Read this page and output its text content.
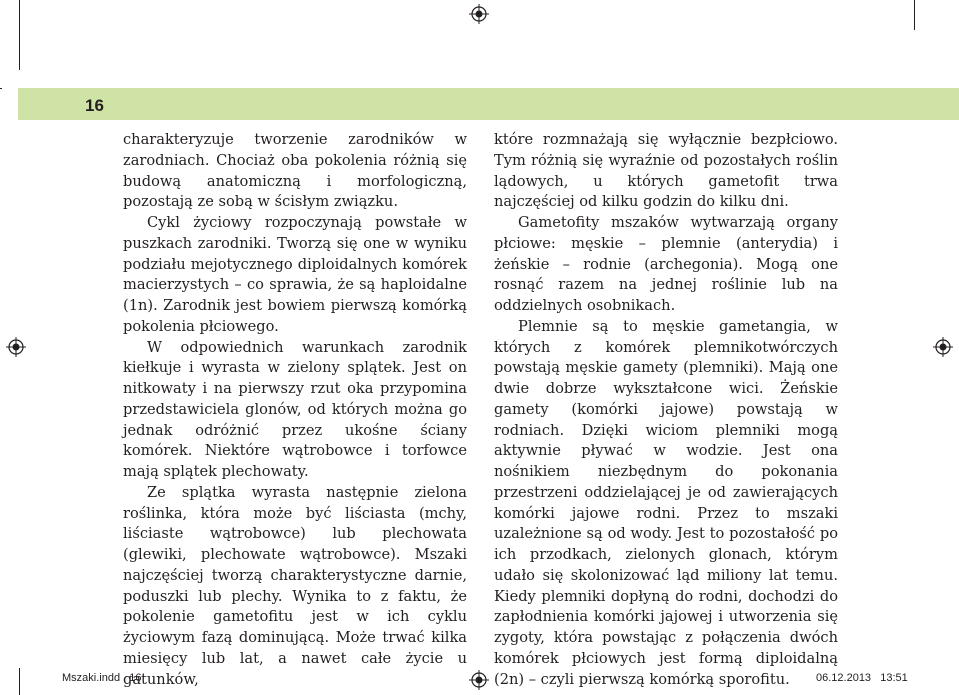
16

charakteryzuje tworzenie zarodników w zarodniach. Chociaż oba pokolenia różnią się budową anatomiczną i morfologiczną, pozostają ze sobą w ścisłym związku.

Cykl życiowy rozpoczynają powstałe w puszkach zarodniki. Tworzą się one w wyniku podziału mejotycznego diploidalnych komórek macierzystych – co sprawia, że są haploidalne (1n). Zarodnik jest bowiem pierwszą komórką pokolenia płciowego.

W odpowiednich warunkach zarodnik kiełkuje i wyrasta w zielony splątek. Jest on nitkowaty i na pierwszy rzut oka przypomina przedstawiciela glonów, od których można go jednak odróżnić przez ukośne ściany komórek. Niektóre wątrobowce i torfowce mają splątek plechowaty.

Ze splątka wyrasta następnie zielona roślinka, która może być liściasta (mchy, liściaste wątrobowce) lub plechowata (glewiki, plechowate wątrobowce). Mszaki najczęściej tworzą charakterystyczne darnie, poduszki lub plechy. Wynika to z faktu, że pokolenie gametofitu jest w ich cyklu życiowym fazą dominującą. Może trwać kilka miesięcy lub lat, a nawet całe życie u gatunków,

które rozmnażają się wyłącznie bezpłciowo. Tym różnią się wyraźnie od pozostałych roślin lądowych, u których gametofit trwa najczęściej od kilku godzin do kilku dni.

Gametofity mszaków wytwarzają organy płciowe: męskie – plemnie (anterydia) i żeńskie – rodnie (archegonia). Mogą one rosnąć razem na jednej roślinie lub na oddzielnych osobnikach.

Plemnie są to męskie gametangia, w których z komórek plemnikotwórczych powstają męskie gamety (plemniki). Mają one dwie dobrze wykształcone wici. Żeńskie gamety (komórki jajowe) powstają w rodniach. Dzięki wiciom plemniki mogą aktywnie pływać w wodzie. Jest ona nośnikiem niezbędnym do pokonania przestrzeni oddzielającej je od zawierających komórki jajowe rodni. Przez to mszaki uzależnione są od wody. Jest to pozostałość po ich przodkach, zielonych glonach, którym udało się skolonizować ląd miliony lat temu. Kiedy plemniki dopłyną do rodni, dochodzi do zapłodnienia komórki jajowej i utworzenia się zygoty, która powstając z połączenia dwóch komórek płciowych jest formą diploidalną (2n) – czyli pierwszą komórką sporofitu.

Mszaki.indd   16	06.12.2013   13:51
